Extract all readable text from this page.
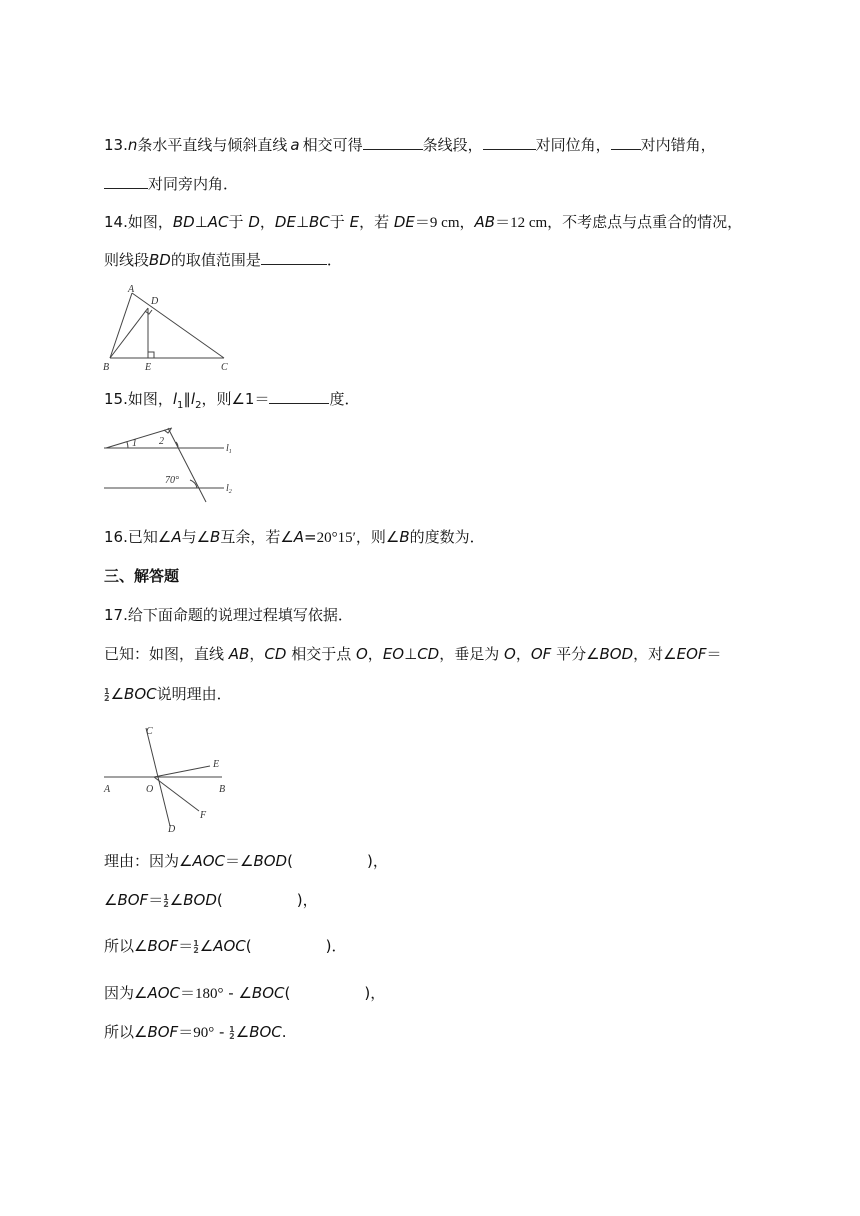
13.n条水平直线与倾斜直线 a 相交可得	条线段，	对同位角， 对内错角，
对同旁内角．
14.如图，BD⊥AC于 D，DE⊥BC于 E，若 DE＝9 cm，AB＝12 cm，不考虑点与点重合的情况，
则线段BD的取值范围是	．
A
D
B	E	C
15.如图，$l_1\parallel l_2$，则∠1＝	度．
1 2
70°
$l_1$
$l_2$
16.已知∠A与∠B互余，若∠A=20°15′，则∠B的度数为．
三、解答题
17.给下面命题的说理过程填写依据．
已知：如图，直线 AB，CD 相交于点 O，EO⊥CD，垂足为 O，OF 平分∠BOD，对∠EOF＝
1
2 ∠BOC说明理由．
C
E
A	O	B
F
D
理由：因为∠AOC＝∠BOD(	)，
∠BOF＝ 1
2 ∠BOD(	)，
所以∠BOF＝ 1
2 ∠AOC(	)．
因为∠AOC＝180° - ∠BOC(	)，
所以∠BOF＝90° - 1
2 ∠BOC.
